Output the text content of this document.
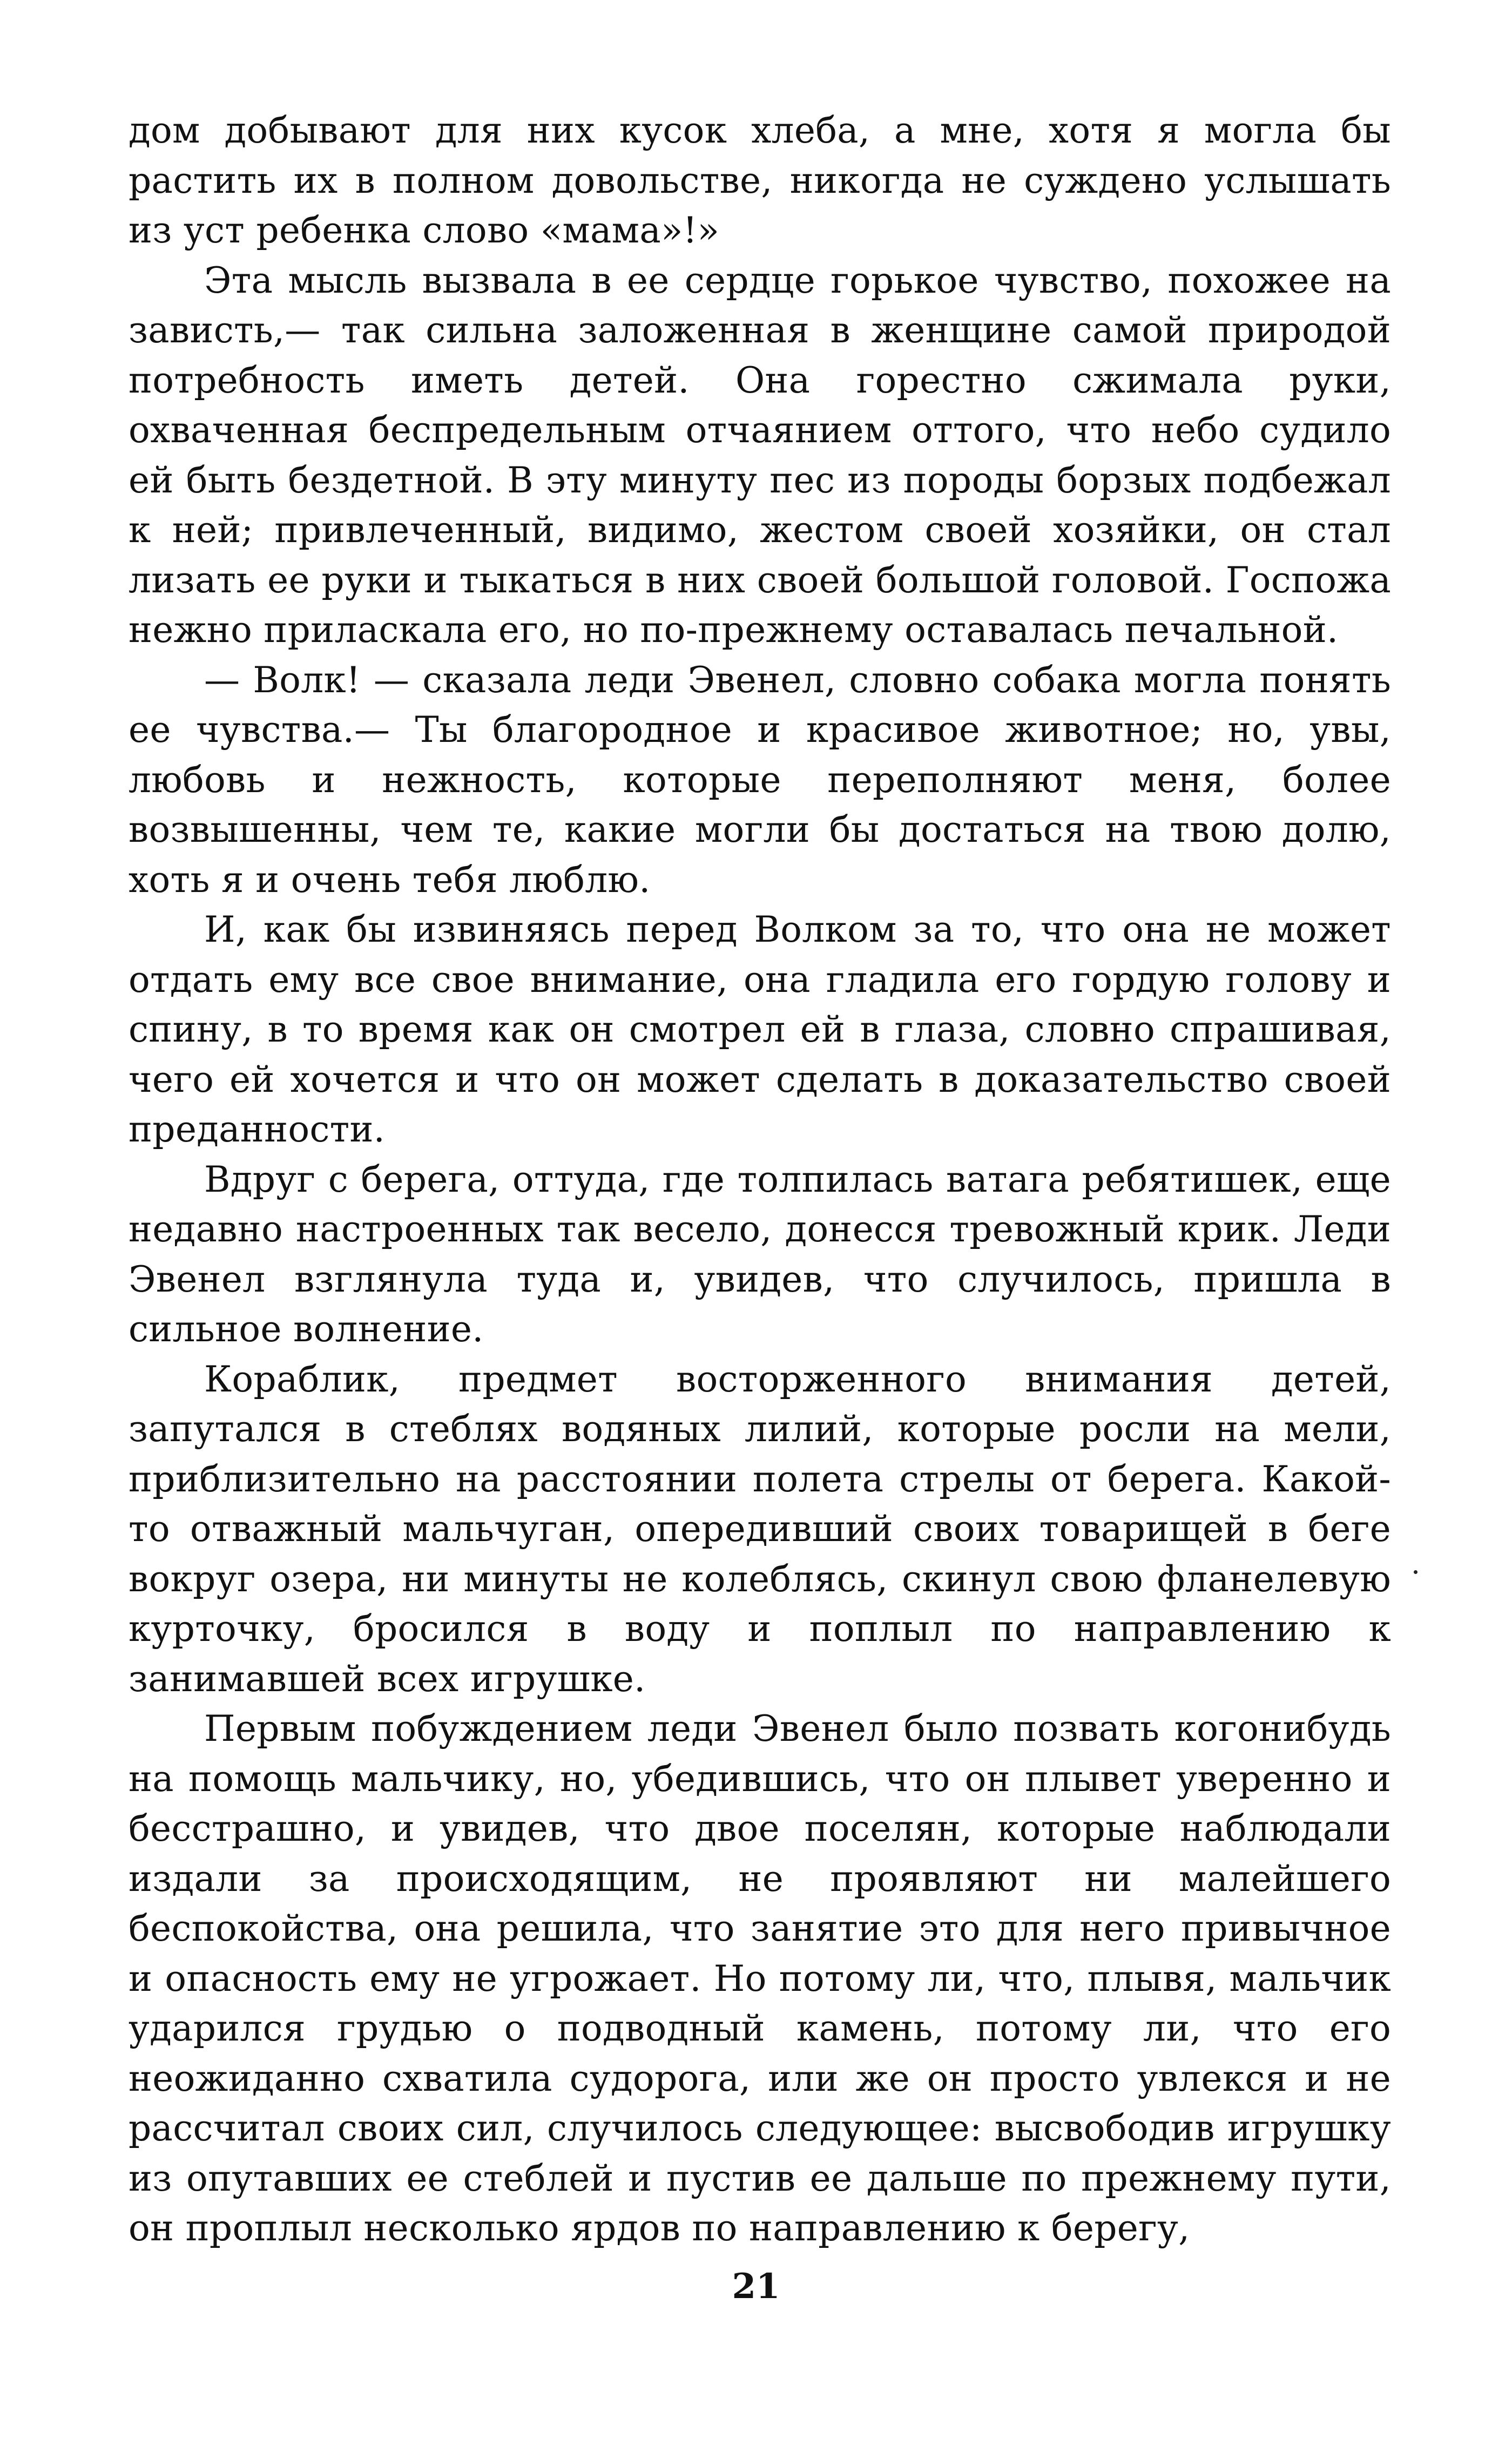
дом добывают для них кусок хлеба, а мне, хотя я могла бы растить их в полном довольстве, никогда не суждено услышать из уст ребенка слово «мама»!»

Эта мысль вызвала в ее сердце горькое чувство, похожее на зависть,— так сильна заложенная в женщине самой природой потребность иметь детей. Она горестно сжимала руки, охваченная беспредельным отчаянием оттого, что небо судило ей быть бездетной. В эту минуту пес из породы борзых подбежал к ней; привлеченный, видимо, жестом своей хозяйки, он стал лизать ее руки и тыкаться в них своей большой головой. Госпожа нежно приласкала его, но по-прежнему оставалась печальной.

— Волк! — сказала леди Эвенел, словно собака могла понять ее чувства.— Ты благородное и красивое животное; но, увы, любовь и нежность, которые переполняют меня, более возвышенны, чем те, какие могли бы достаться на твою долю, хоть я и очень тебя люблю.

И, как бы извиняясь перед Волком за то, что она не может отдать ему все свое внимание, она гладила его гордую голову и спину, в то время как он смотрел ей в глаза, словно спрашивая, чего ей хочется и что он может сделать в доказательство своей преданности.

Вдруг с берега, оттуда, где толпилась ватага ребятишек, еще недавно настроенных так весело, донесся тревожный крик. Леди Эвенел взглянула туда и, увидев, что случилось, пришла в сильное волнение.

Кораблик, предмет восторженного внимания детей, запутался в стеблях водяных лилий, которые росли на мели, приблизительно на расстоянии полета стрелы от берега. Какой-то отважный мальчуган, опередивший своих товарищей в беге вокруг озера, ни минуты не колеблясь, скинул свою фланелевую курточку, бросился в воду и поплыл по направлению к занимавшей всех игрушке.

Первым побуждением леди Эвенел было позвать когонибудь на помощь мальчику, но, убедившись, что он плывет уверенно и бесстрашно, и увидев, что двое поселян, которые наблюдали издали за происходящим, не проявляют ни малейшего беспокойства, она решила, что занятие это для него привычное и опасность ему не угрожает. Но потому ли, что, плывя, мальчик ударился грудью о подводный камень, потому ли, что его неожиданно схватила судорога, или же он просто увлекся и не рассчитал своих сил, случилось следующее: высвободив игрушку из опутавших ее стеблей и пустив ее дальше по прежнему пути, он проплыл несколько ярдов по направлению к берегу,

21
